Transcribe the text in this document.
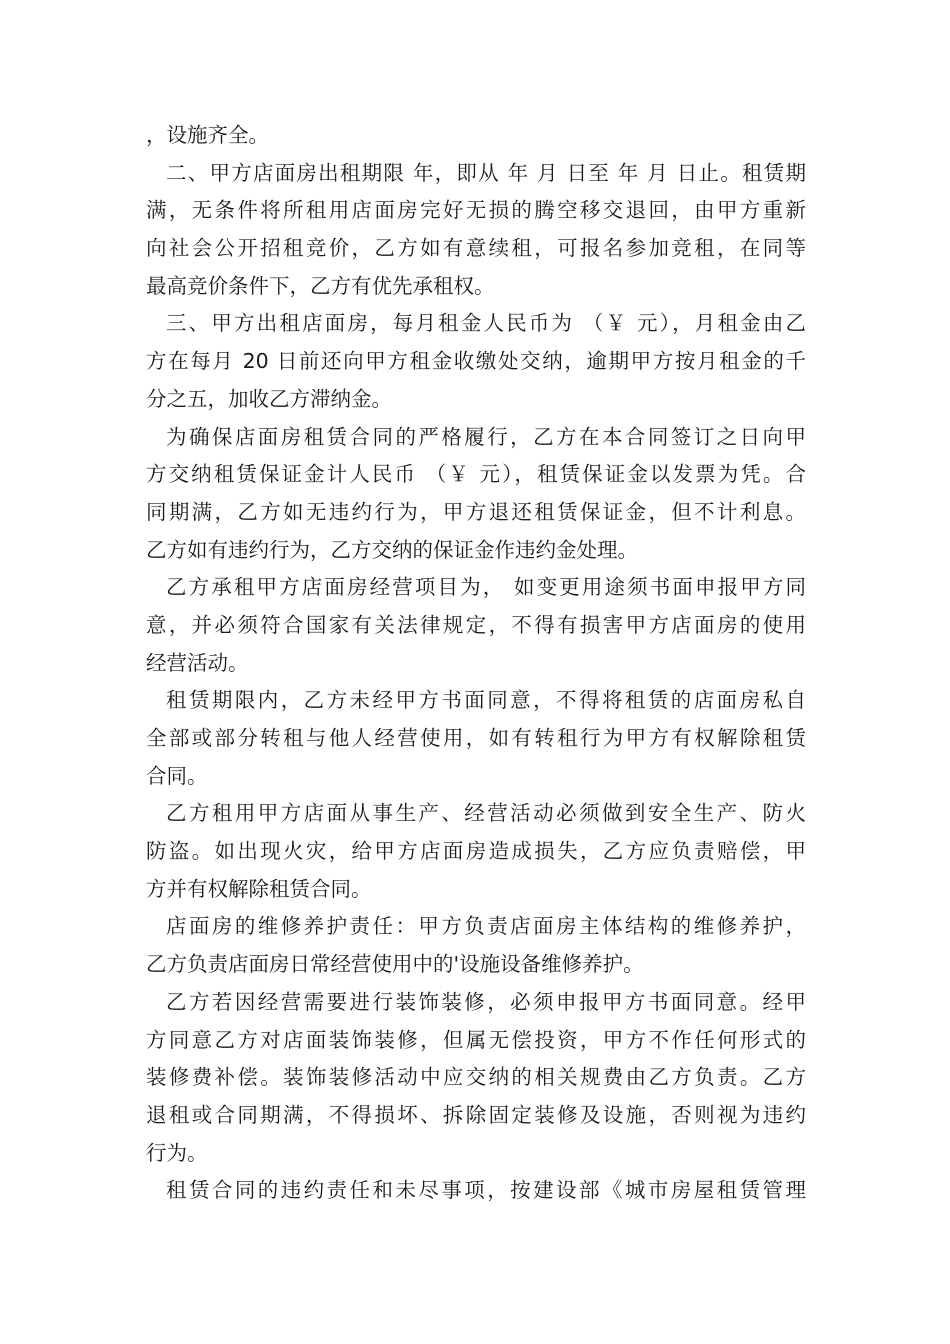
，设施齐全。
二、甲方店面房出租期限 年，即从 年 月 日至 年 月 日止。租赁期
满，无条件将所租用店面房完好无损的腾空移交退回，由甲方重新
向社会公开招租竞价，乙方如有意续租，可报名参加竞租，在同等
最高竞价条件下，乙方有优先承租权。
三、甲方出租店面房，每月租金人民币为 （￥ 元），月租金由乙
方在每月 20 日前还向甲方租金收缴处交纳，逾期甲方按月租金的千
分之五，加收乙方滞纳金。
为确保店面房租赁合同的严格履行，乙方在本合同签订之日向甲
方交纳租赁保证金计人民币 （￥ 元），租赁保证金以发票为凭。合
同期满，乙方如无违约行为，甲方退还租赁保证金，但不计利息。
乙方如有违约行为，乙方交纳的保证金作违约金处理。
乙方承租甲方店面房经营项目为， 如变更用途须书面申报甲方同
意，并必须符合国家有关法律规定，不得有损害甲方店面房的使用
经营活动。
租赁期限内，乙方未经甲方书面同意，不得将租赁的店面房私自
全部或部分转租与他人经营使用，如有转租行为甲方有权解除租赁
合同。
乙方租用甲方店面从事生产、经营活动必须做到安全生产、防火
防盗。如出现火灾，给甲方店面房造成损失，乙方应负责赔偿，甲
方并有权解除租赁合同。
店面房的维修养护责任：甲方负责店面房主体结构的维修养护，
乙方负责店面房日常经营使用中的'设施设备维修养护。
乙方若因经营需要进行装饰装修，必须申报甲方书面同意。经甲
方同意乙方对店面装饰装修，但属无偿投资，甲方不作任何形式的
装修费补偿。装饰装修活动中应交纳的相关规费由乙方负责。乙方
退租或合同期满，不得损坏、拆除固定装修及设施，否则视为违约
行为。
租赁合同的违约责任和未尽事项，按建设部《城市房屋租赁管理
